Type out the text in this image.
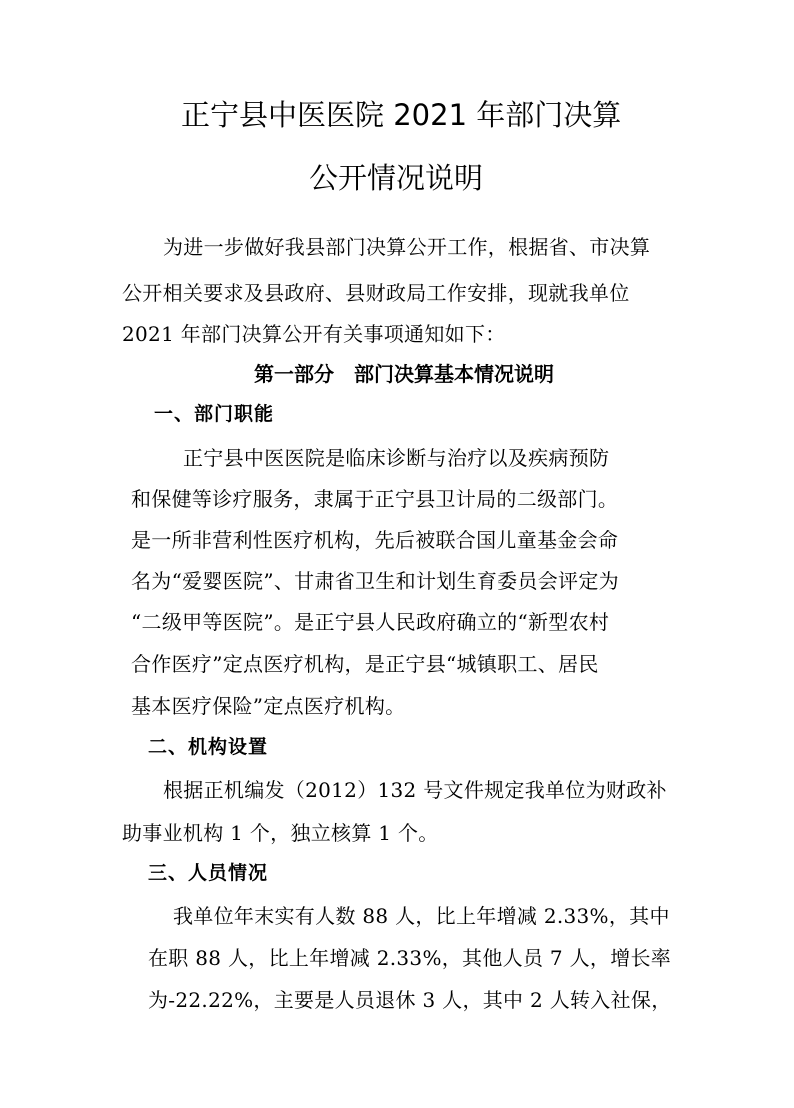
正宁县中医医院 2021 年部门决算
公开情况说明
为进一步做好我县部门决算公开工作，根据省、市决算
公开相关要求及县政府、县财政局工作安排，现就我单位
2021 年部门决算公开有关事项通知如下：
第一部分　部门决算基本情况说明
一、部门职能
正宁县中医医院是临床诊断与治疗以及疾病预防
和保健等诊疗服务，隶属于正宁县卫计局的二级部门。
是一所非营利性医疗机构，先后被联合国儿童基金会命
名为“爱婴医院”、甘肃省卫生和计划生育委员会评定为
“二级甲等医院”。是正宁县人民政府确立的“新型农村
合作医疗”定点医疗机构，是正宁县“城镇职工、居民
基本医疗保险”定点医疗机构。
二、机构设置
根据正机编发（2012）132 号文件规定我单位为财政补
助事业机构 1 个，独立核算 1 个。
三、人员情况
我单位年末实有人数 88 人，比上年增减 2.33%，其中
在职 88 人，比上年增减 2.33%，其他人员 7 人，增长率
为-22.22%，主要是人员退休 3 人，其中 2 人转入社保，
